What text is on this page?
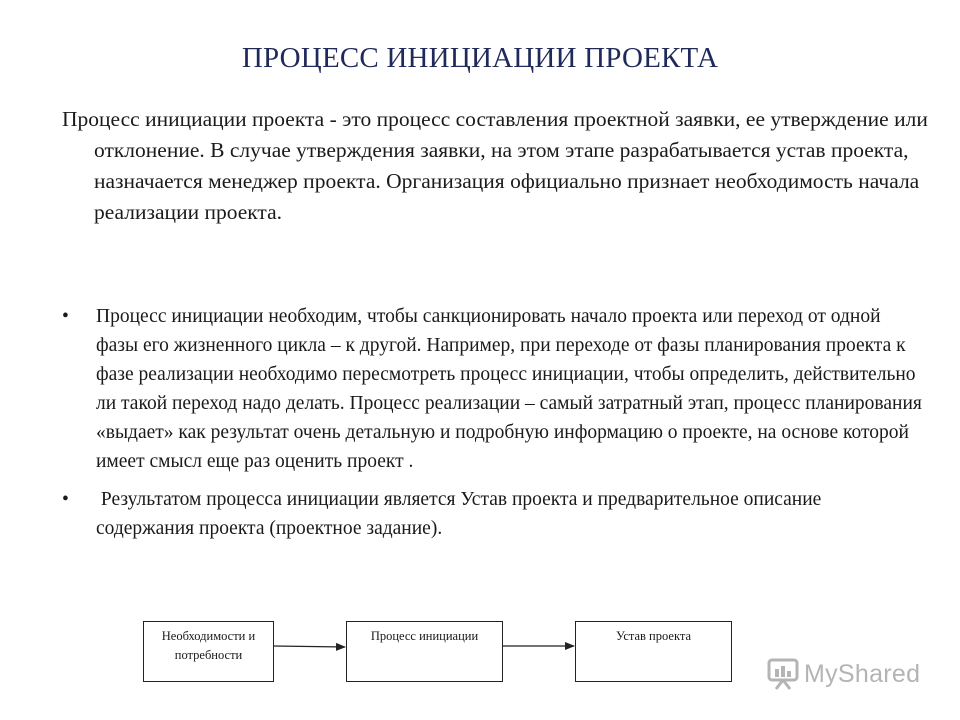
ПРОЦЕСС ИНИЦИАЦИИ ПРОЕКТА

Процесс инициации проекта - это процесс составления проектной заявки, ее утверждение или отклонение. В случае утверждения заявки, на этом этапе разрабатывается устав проекта, назначается менеджер проекта. Организация официально признает необходимость начала реализации проекта.

• Процесс инициации необходим, чтобы санкционировать начало проекта или переход от одной фазы его жизненного цикла – к другой. Например, при переходе от фазы планирования проекта к фазе реализации необходимо пересмотреть процесс инициации, чтобы определить, действительно ли такой переход надо делать. Процесс реализации – самый затратный этап, процесс планирования «выдает» как результат очень детальную и подробную информацию о проекте, на основе которой имеет смысл еще раз оценить проект .
• Результатом процесса инициации является Устав проекта и предварительное описание содержания проекта (проектное задание).
Необходимости и потребности
Процесс инициации	Устав проекта
MyShared
